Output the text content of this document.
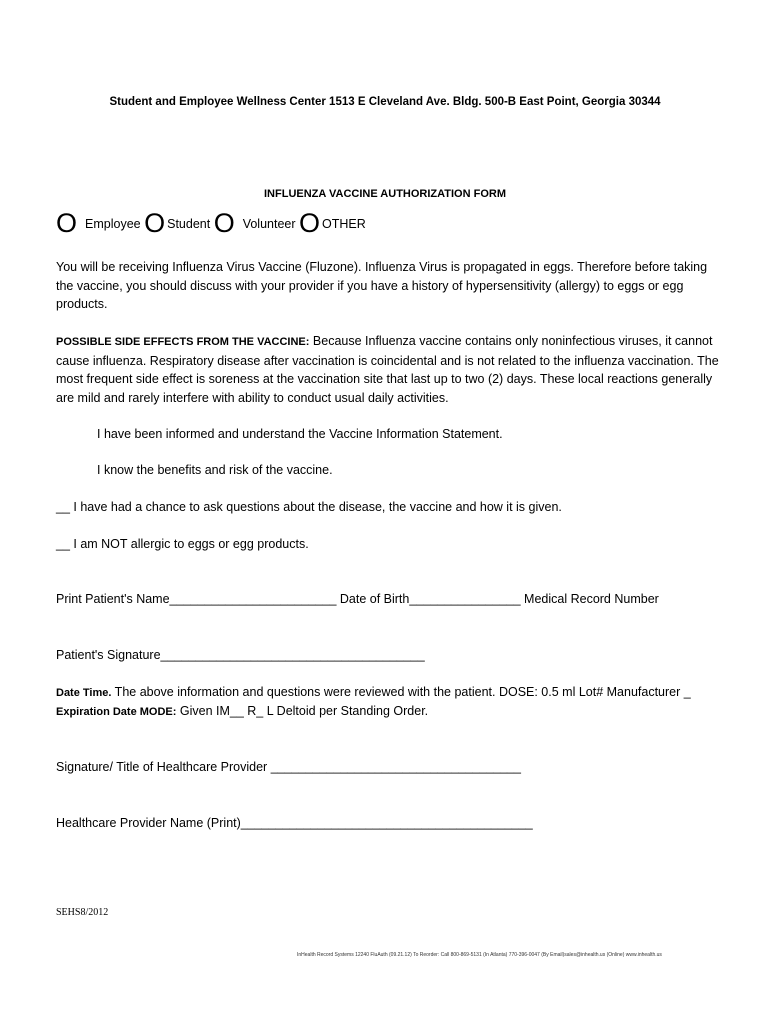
Student and Employee Wellness Center 1513 E Cleveland Ave. Bldg. 500-B East Point, Georgia 30344
INFLUENZA VACCINE AUTHORIZATION FORM
O Employee O Student O Volunteer O OTHER
You will be receiving Influenza Virus Vaccine (Fluzone). Influenza Virus is propagated in eggs. Therefore before taking the vaccine, you should discuss with your provider if you have a history of hypersensitivity (allergy) to eggs or egg products.
POSSIBLE SIDE EFFECTS FROM THE VACCINE: Because Influenza vaccine contains only noninfectious viruses, it cannot cause influenza. Respiratory disease after vaccination is coincidental and is not related to the influenza vaccination. The most frequent side effect is soreness at the vaccination site that last up to two (2) days. These local reactions generally are mild and rarely interfere with ability to conduct usual daily activities.
I have been informed and understand the Vaccine Information Statement.
I know the benefits and risk of the vaccine.
__ I have had a chance to ask questions about the disease, the vaccine and how it is given.
__ I am NOT allergic to eggs or egg products.
Print Patient's Name________________________ Date of Birth________________ Medical Record Number
Patient's Signature______________________________________
Date Time. The above information and questions were reviewed with the patient. DOSE: 0.5 ml Lot# Manufacturer _
Expiration Date MODE: Given IM__ R_ L Deltoid per Standing Order.
Signature/ Title of Healthcare Provider ____________________________________
Healthcare Provider Name (Print)__________________________________________
SEHS8/2012
InHealth Record Systems 12240 FluAuth (09.21.12) To Reorder: Call 800-869-5131 (In Atlanta) 770-396-0047 (By Email)sales@inhealth.us (Online) www.inhealth.us
